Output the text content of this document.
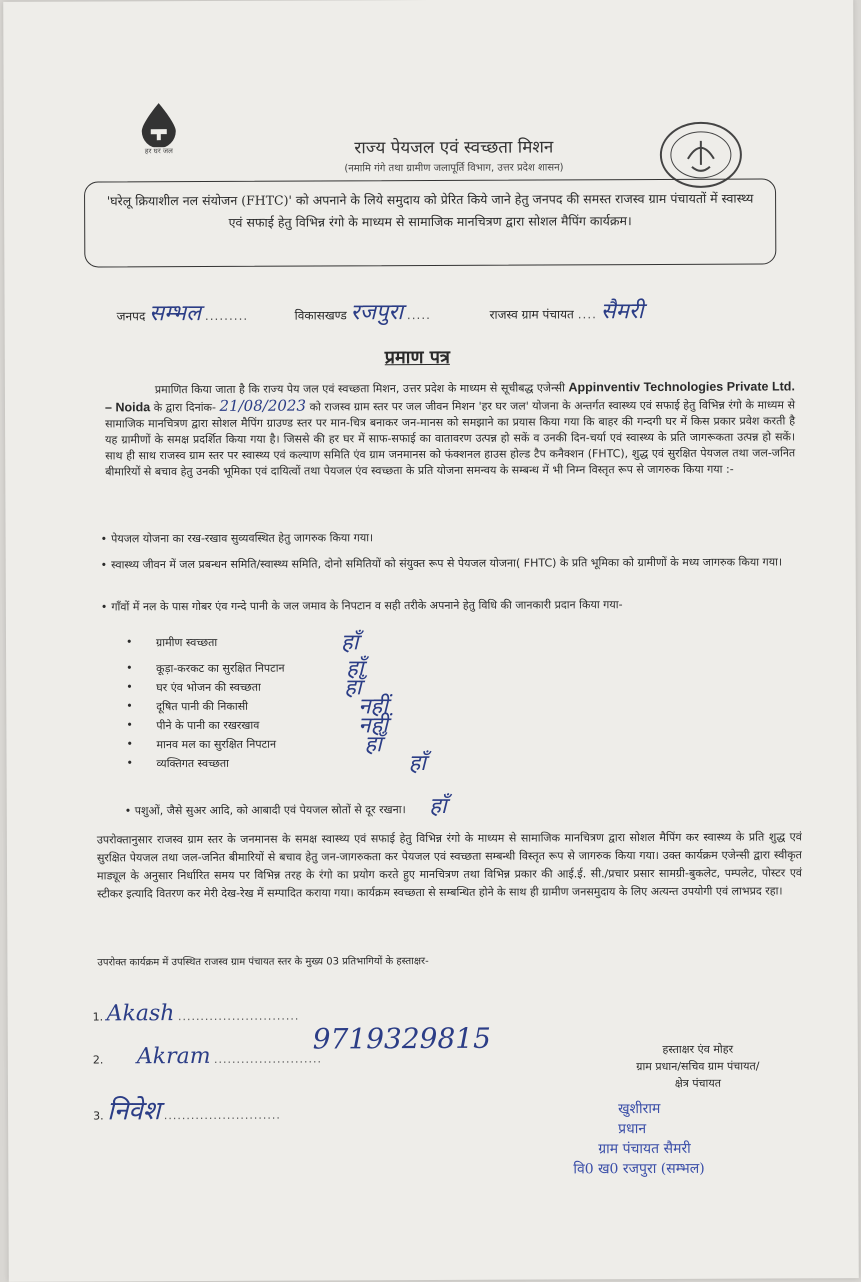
हर घर जल	राज्य पेयजल एवं स्वच्छता मिशन
(नमामि गंगे तथा ग्रामीण जलापूर्ति विभाग, उत्तर प्रदेश शासन)
'घरेलू क्रियाशील नल संयोजन (FHTC)' को अपनाने के लिये समुदाय को प्रेरित किये जाने हेतु जनपद की समस्त राजस्व ग्राम पंचायतों में स्वास्थ्य एवं सफाई हेतु विभिन्न रंगो के माध्यम से सामाजिक मानचित्रण द्वारा सोशल मैपिंग कार्यक्रम।
जनपद सम्भल .........	विकासखण्ड रजपुरा .....	राजस्व ग्राम पंचायत .... सैमरी
प्रमाण पत्र
प्रमाणित किया जाता है कि राज्य पेय जल एवं स्वच्छता मिशन, उत्तर प्रदेश के माध्यम से सूचीबद्ध एजेन्सी Appinventiv Technologies Private Ltd. – Noida के द्वारा दिनांक- 21/08/2023 को राजस्व ग्राम स्तर पर जल जीवन मिशन 'हर घर जल' योजना के अन्तर्गत स्वास्थ्य एवं सफाई हेतु विभिन्न रंगो के माध्यम से सामाजिक मानचित्रण द्वारा सोशल मैपिंग ग्राउण्ड स्तर पर मान-चित्र बनाकर जन-मानस को समझाने का प्रयास किया गया कि बाहर की गन्दगी घर में किस प्रकार प्रवेश करती है यह ग्रामीणों के समक्ष प्रदर्शित किया गया है। जिससे की हर घर में साफ-सफाई का वातावरण उत्पन्न हो सकें व उनकी दिन-चर्या एवं स्वास्थ्य के प्रति जागरूकता उत्पन्न हो सकें। साथ ही साथ राजस्व ग्राम स्तर पर स्वास्थ्य एवं कल्याण समिति एंव ग्राम जनमानस को फंक्शनल हाउस होल्ड टैप कनैक्शन (FHTC), शुद्ध एवं सुरक्षित पेयजल तथा जल-जनित बीमारियों से बचाव हेतु उनकी भूमिका एवं दायित्वों तथा पेयजल एंव स्वच्छता के प्रति योजना समन्वय के सम्बन्ध में भी निम्न विस्तृत रूप से जागरुक किया गया :-
• पेयजल योजना का रख-रखाव सुव्यवस्थित हेतु जागरुक किया गया।
• स्वास्थ्य जीवन में जल प्रबन्धन समिति/स्वास्थ्य समिति, दोनो समितियों को संयुक्त रूप से पेयजल योजना( FHTC) के प्रति भूमिका को ग्रामीणों के मध्य जागरुक किया गया।
• गाँवों में नल के पास गोबर एंव गन्दे पानी के जल जमाव के निपटान व सही तरीके अपनाने हेतु विधि की जानकारी प्रदान किया गया-
• ग्रामीण स्वच्छता	हाँ
• कूड़ा-करकट का सुरक्षित निपटान	हाँ
• घर एंव भोजन की स्वच्छता	हाँ
• दूषित पानी की निकासी	नहीं
• पीने के पानी का रखरखाव	नहीं
• मानव मल का सुरक्षित निपटान	हाँ
• व्यक्तिगत स्वच्छता	हाँ
• पशुओं, जैसे सुअर आदि, को आबादी एवं पेयजल स्रोतों से दूर रखना। हाँ
उपरोक्तानुसार राजस्व ग्राम स्तर के जनमानस के समक्ष स्वास्थ्य एवं सफाई हेतु विभिन्न रंगो के माध्यम से सामाजिक मानचित्रण द्वारा सोशल मैपिंग कर स्वास्थ्य के प्रति शुद्ध एवं सुरक्षित पेयजल तथा जल-जनित बीमारियों से बचाव हेतु जन-जागरुकता कर पेयजल एवं स्वच्छता सम्बन्धी विस्तृत रूप से जागरुक किया गया। उक्त कार्यक्रम एजेन्सी द्वारा स्वीकृत माड्यूल के अनुसार निर्धारित समय पर विभिन्न तरह के रंगो का प्रयोग करते हुए मानचित्रण तथा विभिन्न प्रकार की आई.ई. सी./प्रचार प्रसार सामग्री-बुकलेट, पम्पलेट, पोस्टर एवं स्टीकर इत्यादि वितरण कर मेरी देख-रेख में सम्पादित कराया गया। कार्यक्रम स्वच्छता से सम्बन्धित होने के साथ ही ग्रामीण जनसमुदाय के लिए अत्यन्त उपयोगी एवं लाभप्रद रहा।
उपरोक्त कार्यक्रम में उपस्थित राजस्व ग्राम पंचायत स्तर के मुख्य 03 प्रतिभागियों के हस्ताक्षर-
1. Akash ...........................
2. Akram ........................
9719329815
3. निवेश ..........................
हस्ताक्षर एंव मोहर
ग्राम प्रधान/सचिव ग्राम पंचायत/
क्षेत्र पंचायत
खुशीराम
प्रधान
ग्राम पंचायत सैमरी
वि0 ख0 रजपुरा (सम्भल)
